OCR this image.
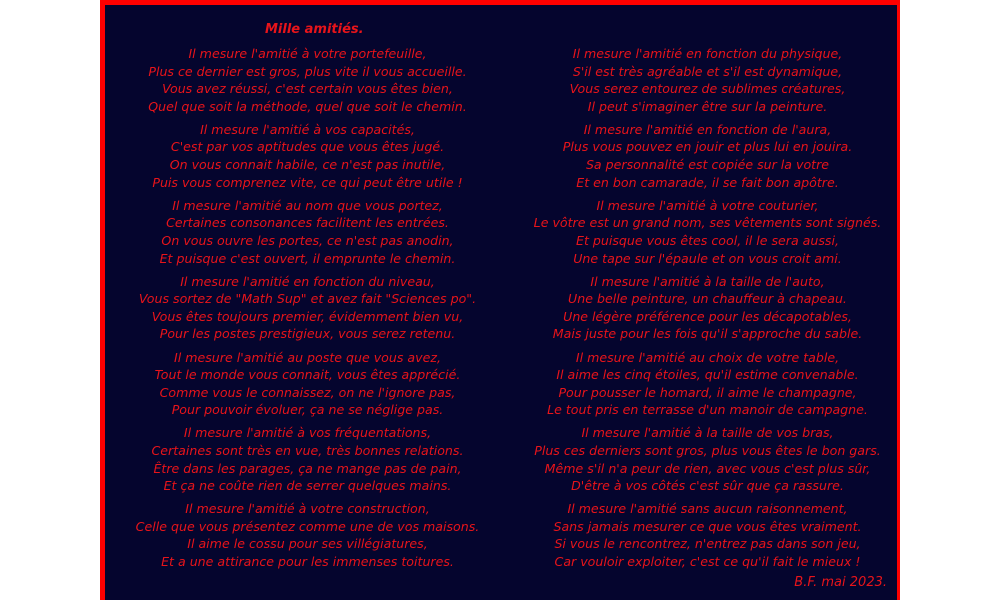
Mille amitiés.

Il mesure l'amitié à votre portefeuille,
Plus ce dernier est gros, plus vite il vous accueille.
Vous avez réussi, c'est certain vous êtes bien,
Quel que soit la méthode, quel que soit le chemin.
Il mesure l'amitié à vos capacités,
C'est par vos aptitudes que vous êtes jugé.
On vous connait habile, ce n'est pas inutile,
Puis vous comprenez vite, ce qui peut être utile !
Il mesure l'amitié au nom que vous portez,
Certaines consonances facilitent les entrées.
On vous ouvre les portes, ce n'est pas anodin,
Et puisque c'est ouvert, il emprunte le chemin.
Il mesure l'amitié en fonction du niveau,
Vous sortez de "Math Sup" et avez fait "Sciences po".
Vous êtes toujours premier, évidemment bien vu,
Pour les postes prestigieux, vous serez retenu.
Il mesure l'amitié au poste que vous avez,
Tout le monde vous connait, vous êtes apprécié.
Comme vous le connaissez, on ne l'ignore pas,
Pour pouvoir évoluer, ça ne se néglige pas.
Il mesure l'amitié à vos fréquentations,
Certaines sont très en vue, très bonnes relations.
Être dans les parages, ça ne mange pas de pain,
Et ça ne coûte rien de serrer quelques mains.
Il mesure l'amitié à votre construction,
Celle que vous présentez comme une de vos maisons.
Il aime le cossu pour ses villégiatures,
Et a une attirance pour les immenses toitures.
Il mesure l'amitié en fonction du physique,
S'il est très agréable et s'il est dynamique,
Vous serez entourez de sublimes créatures,
Il peut s'imaginer être sur la peinture.
Il mesure l'amitié en fonction de l'aura,
Plus vous pouvez en jouir et plus lui en jouira.
Sa personnalité est copiée sur la votre
Et en bon camarade, il se fait bon apôtre.
Il mesure l'amitié à votre couturier,
Le vôtre est un grand nom, ses vêtements sont signés.
Et puisque vous êtes cool, il le sera aussi,
Une tape sur l'épaule et on vous croit ami.
Il mesure l'amitié à la taille de l'auto,
Une belle peinture, un chauffeur à chapeau.
Une légère préférence pour les décapotables,
Mais juste pour les fois qu'il s'approche du sable.
Il mesure l'amitié au choix de votre table,
Il aime les cinq étoiles, qu'il estime convenable.
Pour pousser le homard, il aime le champagne,
Le tout pris en terrasse d'un manoir de campagne.
Il mesure l'amitié à la taille de vos bras,
Plus ces derniers sont gros, plus vous êtes le bon gars.
Même s'il n'a peur de rien, avec vous c'est plus sûr,
D'être à vos côtés c'est sûr que ça rassure.
Il mesure l'amitié sans aucun raisonnement,
Sans jamais mesurer ce que vous êtes vraiment.
Si vous le rencontrez, n'entrez pas dans son jeu,
Car vouloir exploiter, c'est ce qu'il fait le mieux !
B.F. mai 2023.
